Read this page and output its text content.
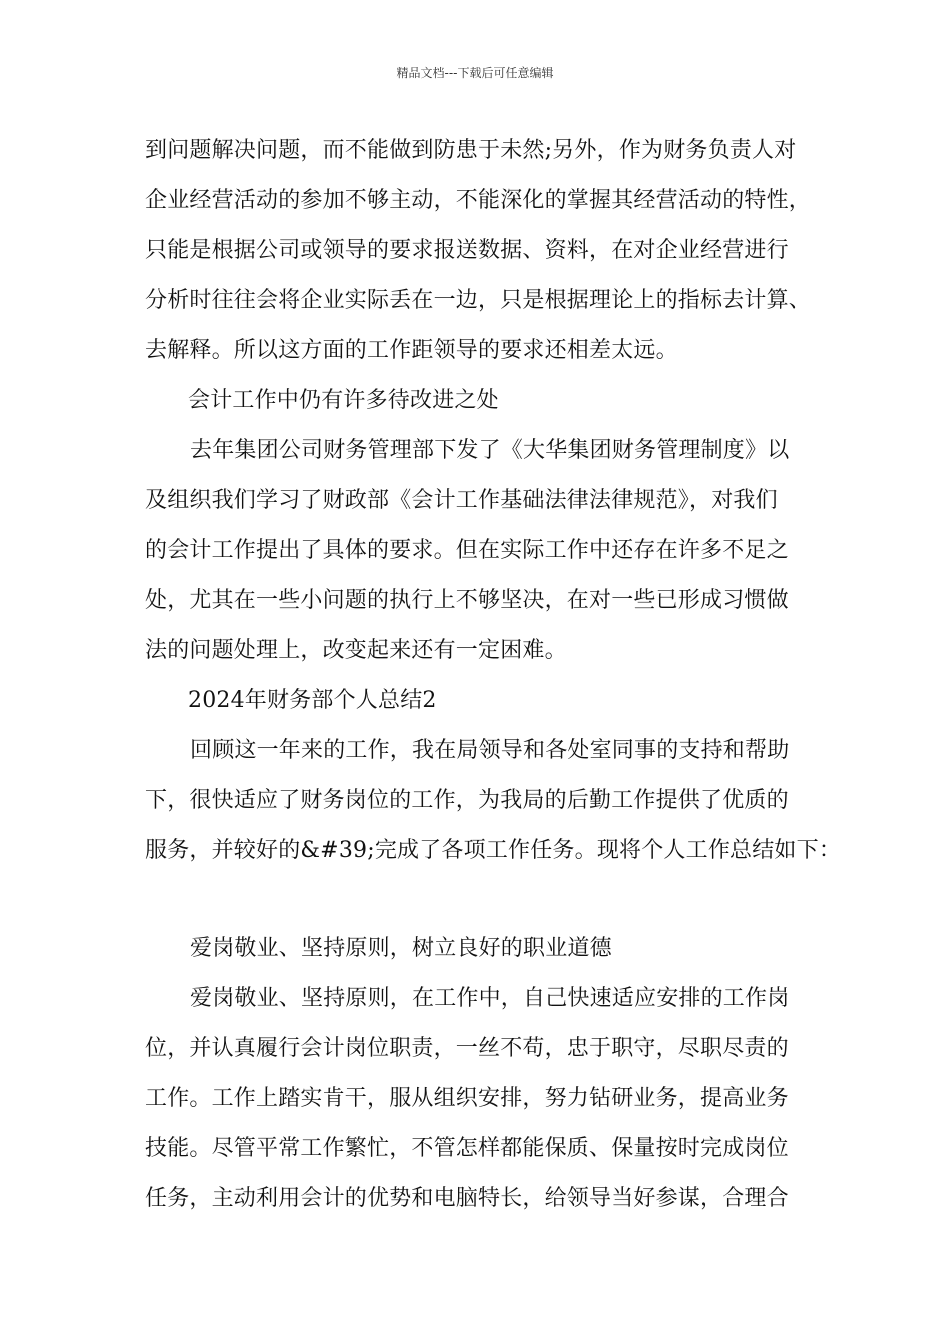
精品文档---下载后可任意编辑
到问题解决问题，而不能做到防患于未然;另外，作为财务负责人对
企业经营活动的参加不够主动，不能深化的掌握其经营活动的特性，
只能是根据公司或领导的要求报送数据、资料，在对企业经营进行
分析时往往会将企业实际丢在一边，只是根据理论上的指标去计算、
去解释。所以这方面的工作距领导的要求还相差太远。
会计工作中仍有许多待改进之处
去年集团公司财务管理部下发了《大华集团财务管理制度》以
及组织我们学习了财政部《会计工作基础法律法律规范》，对我们
的会计工作提出了具体的要求。但在实际工作中还存在许多不足之
处，尤其在一些小问题的执行上不够坚决，在对一些已形成习惯做
法的问题处理上，改变起来还有一定困难。
2024年财务部个人总结2
回顾这一年来的工作，我在局领导和各处室同事的支持和帮助
下，很快适应了财务岗位的工作，为我局的后勤工作提供了优质的
服务，并较好的&#39;完成了各项工作任务。现将个人工作总结如下：
爱岗敬业、坚持原则，树立良好的职业道德
爱岗敬业、坚持原则，在工作中，自己快速适应安排的工作岗
位，并认真履行会计岗位职责，一丝不苟，忠于职守，尽职尽责的
工作。工作上踏实肯干，服从组织安排，努力钻研业务，提高业务
技能。尽管平常工作繁忙，不管怎样都能保质、保量按时完成岗位
任务，主动利用会计的优势和电脑特长，给领导当好参谋，合理合
